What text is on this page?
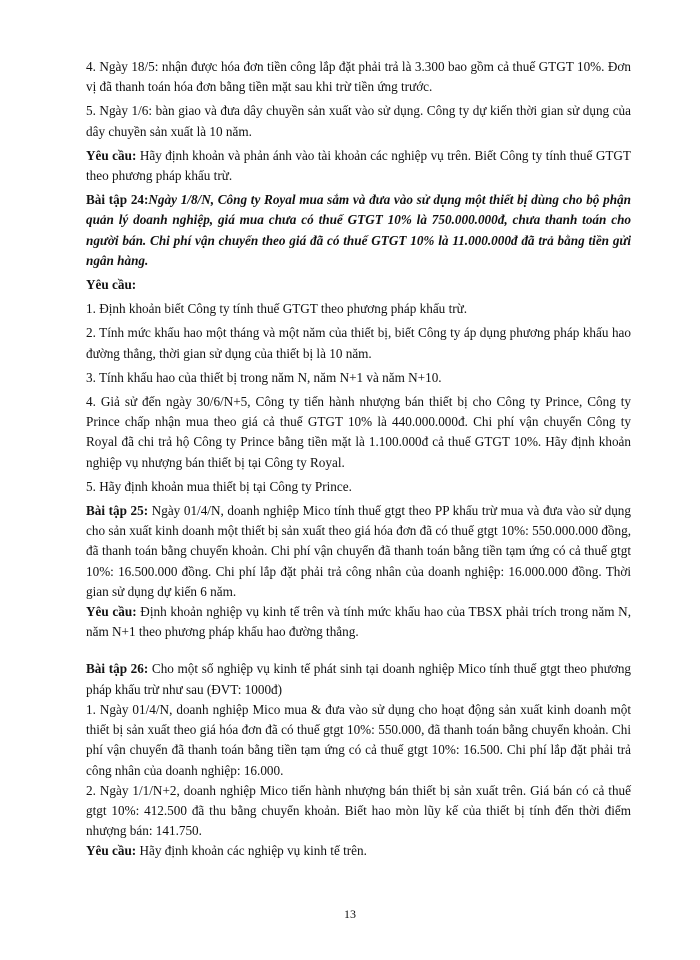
4. Ngày 18/5: nhận được hóa đơn tiền công lắp đặt phải trả là 3.300 bao gồm cả thuế GTGT 10%. Đơn vị đã thanh toán hóa đơn bằng tiền mặt sau khi trừ tiền ứng trước.

5. Ngày 1/6: bàn giao và đưa dây chuyền sản xuất vào sử dụng. Công ty dự kiến thời gian sử dụng của dây chuyền sản xuất là 10 năm.

Yêu cầu: Hãy định khoản và phản ánh vào tài khoản các nghiệp vụ trên. Biết Công ty tính thuế GTGT theo phương pháp khấu trừ.

Bài tập 24:Ngày 1/8/N, Công ty Royal mua sắm và đưa vào sử dụng một thiết bị dùng cho bộ phận quản lý doanh nghiệp, giá mua chưa có thuế GTGT 10% là 750.000.000đ, chưa thanh toán cho người bán. Chi phí vận chuyển theo giá đã có thuế GTGT 10% là 11.000.000đ đã trả bằng tiền gửi ngân hàng.

Yêu cầu:

1. Định khoản biết Công ty tính thuế GTGT theo phương pháp khấu trừ.

2. Tính mức khấu hao một tháng và một năm của thiết bị, biết Công ty áp dụng phương pháp khấu hao đường thẳng, thời gian sử dụng của thiết bị là 10 năm.

3. Tính khấu hao của thiết bị trong năm N, năm N+1 và năm N+10.

4. Giả sử đến ngày 30/6/N+5, Công ty tiến hành nhượng bán thiết bị cho Công ty Prince, Công ty Prince chấp nhận mua theo giá cả thuế GTGT 10% là 440.000.000đ. Chi phí vận chuyển Công ty Royal đã chi trả hộ Công ty Prince bằng tiền mặt là 1.100.000đ cả thuế GTGT 10%. Hãy định khoản nghiệp vụ nhượng bán thiết bị tại Công ty Royal.

5. Hãy định khoản mua thiết bị tại Công ty Prince.

Bài tập 25: Ngày 01/4/N, doanh nghiệp Mico tính thuế gtgt theo PP khấu trừ mua và đưa vào sử dụng cho sản xuất kinh doanh một thiết bị sản xuất theo giá hóa đơn đã có thuế gtgt 10%: 550.000.000 đồng, đã thanh toán bằng chuyển khoản. Chi phí vận chuyển đã thanh toán bằng tiền tạm ứng có cả thuế gtgt 10%: 16.500.000 đồng. Chi phí lắp đặt phải trả công nhân của doanh nghiệp: 16.000.000 đồng. Thời gian sử dụng dự kiến 6 năm.

Yêu cầu: Định khoản nghiệp vụ kinh tế trên và tính mức khấu hao của TBSX phải trích trong năm N, năm N+1 theo phương pháp khấu hao đường thẳng.

Bài tập 26: Cho một số nghiệp vụ kinh tế phát sinh tại doanh nghiệp Mico tính thuế gtgt theo phương pháp khấu trừ như sau (ĐVT: 1000đ)

1. Ngày 01/4/N, doanh nghiệp Mico mua & đưa vào sử dụng cho hoạt động sản xuất kinh doanh một thiết bị sản xuất theo giá hóa đơn đã có thuế gtgt 10%: 550.000, đã thanh toán bằng chuyển khoản. Chi phí vận chuyển đã thanh toán bằng tiền tạm ứng có cả thuế gtgt 10%: 16.500. Chi phí lắp đặt phải trả công nhân của doanh nghiệp: 16.000.

2. Ngày 1/1/N+2, doanh nghiệp Mico tiến hành nhượng bán thiết bị sản xuất trên. Giá bán có cả thuế gtgt 10%: 412.500 đã thu bằng chuyển khoản. Biết hao mòn lũy kế của thiết bị tính đến thời điểm nhượng bán: 141.750.

Yêu cầu: Hãy định khoản các nghiệp vụ kinh tế trên.

13
